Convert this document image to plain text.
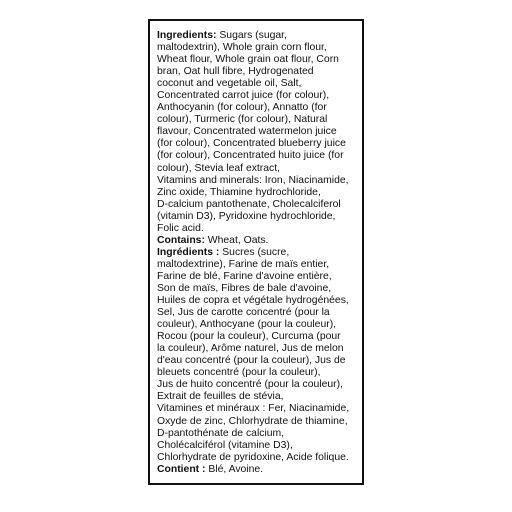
Ingredients: Sugars (sugar,
maltodextrin), Whole grain corn flour,
Wheat flour, Whole grain oat flour, Corn
bran, Oat hull fibre, Hydrogenated
coconut and vegetable oil, Salt,
Concentrated carrot juice (for colour),
Anthocyanin (for colour), Annatto (for
colour), Turmeric (for colour), Natural
flavour, Concentrated watermelon juice
(for colour), Concentrated blueberry juice
(for colour), Concentrated huito juice (for
colour), Stevia leaf extract,
Vitamins and minerals: Iron, Niacinamide,
Zinc oxide, Thiamine hydrochloride,
D-calcium pantothenate, Cholecalciferol
(vitamin D3), Pyridoxine hydrochloride,
Folic acid.
Contains: Wheat, Oats.
Ingrédients : Sucres (sucre,
maltodextrine), Farine de maïs entier,
Farine de blé, Farine d'avoine entière,
Son de maïs, Fibres de bale d'avoine,
Huiles de copra et végétale hydrogénées,
Sel, Jus de carotte concentré (pour la
couleur), Anthocyane (pour la couleur),
Rocou (pour la couleur), Curcuma (pour
la couleur), Arôme naturel, Jus de melon
d'eau concentré (pour la couleur), Jus de
bleuets concentré (pour la couleur),
Jus de huito concentré (pour la couleur),
Extrait de feuilles de stévia,
Vitamines et minéraux : Fer, Niacinamide,
Oxyde de zinc, Chlorhydrate de thiamine,
D-pantothénate de calcium,
Cholécalciférol (vitamine D3),
Chlorhydrate de pyridoxine, Acide folique.
Contient : Blé, Avoine.
